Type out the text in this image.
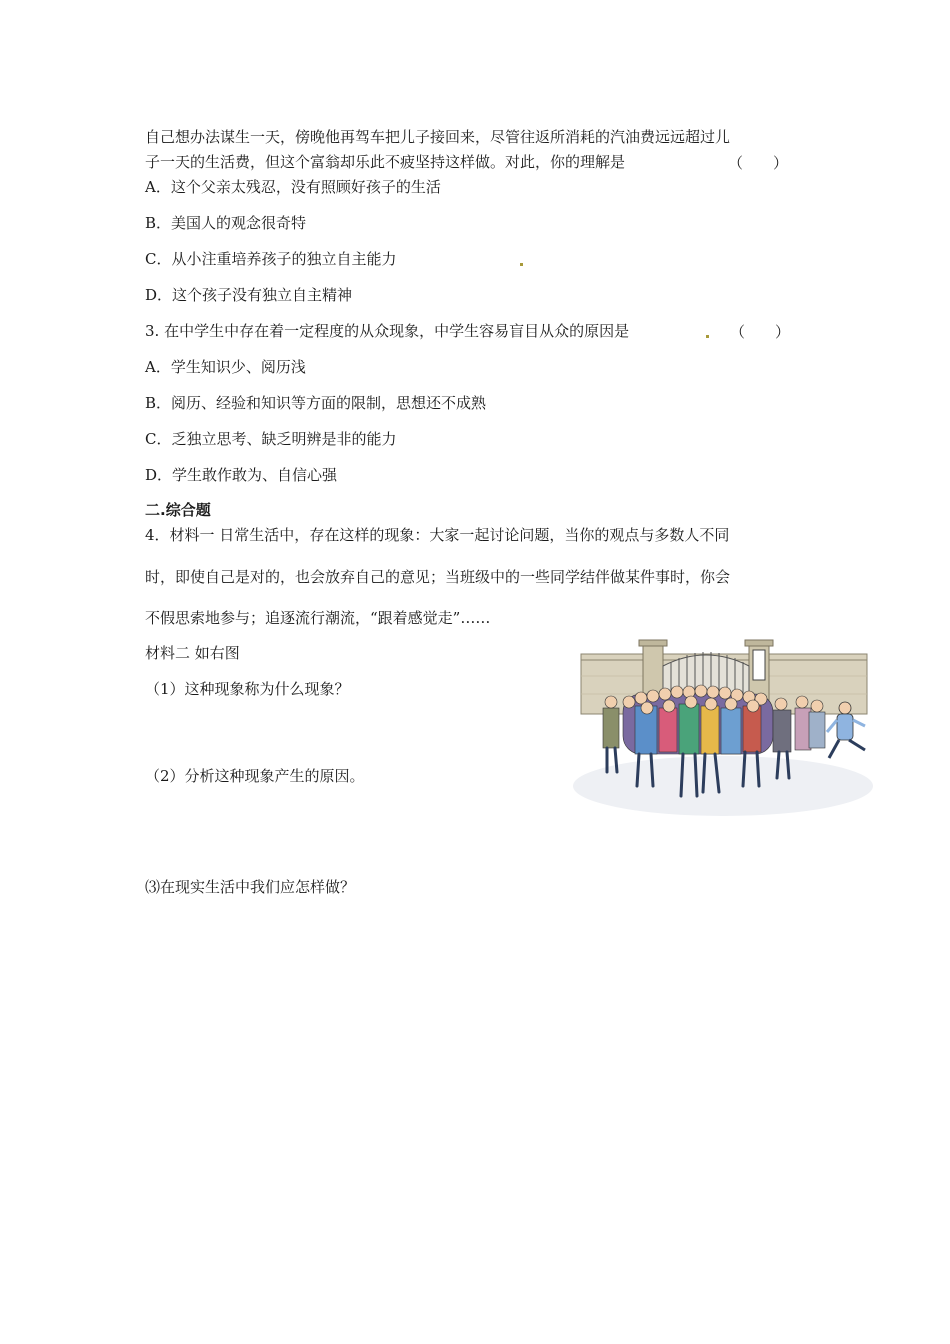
自己想办法谋生一天，傍晚他再驾车把儿子接回来，尽管往返所消耗的汽油费远远超过儿
子一天的生活费，但这个富翁却乐此不疲坚持这样做。对此，你的理解是	（　　）
A．这个父亲太残忍，没有照顾好孩子的生活
B．美国人的观念很奇特
C．从小注重培养孩子的独立自主能力
D．这个孩子没有独立自主精神
3. 在中学生中存在着一定程度的从众现象，中学生容易盲目从众的原因是	（　　）
A．学生知识少、阅历浅
B．阅历、经验和知识等方面的限制，思想还不成熟
C．乏独立思考、缺乏明辨是非的能力
D．学生敢作敢为、自信心强
二.综合题
4．材料一 日常生活中，存在这样的现象：大家一起讨论问题，当你的观点与多数人不同
时，即使自己是对的，也会放弃自己的意见；当班级中的一些同学结伴做某件事时，你会
不假思索地参与；追逐流行潮流，“跟着感觉走”……
材料二 如右图
（1）这种现象称为什么现象？
（2）分析这种现象产生的原因。
⑶在现实生活中我们应怎样做？
